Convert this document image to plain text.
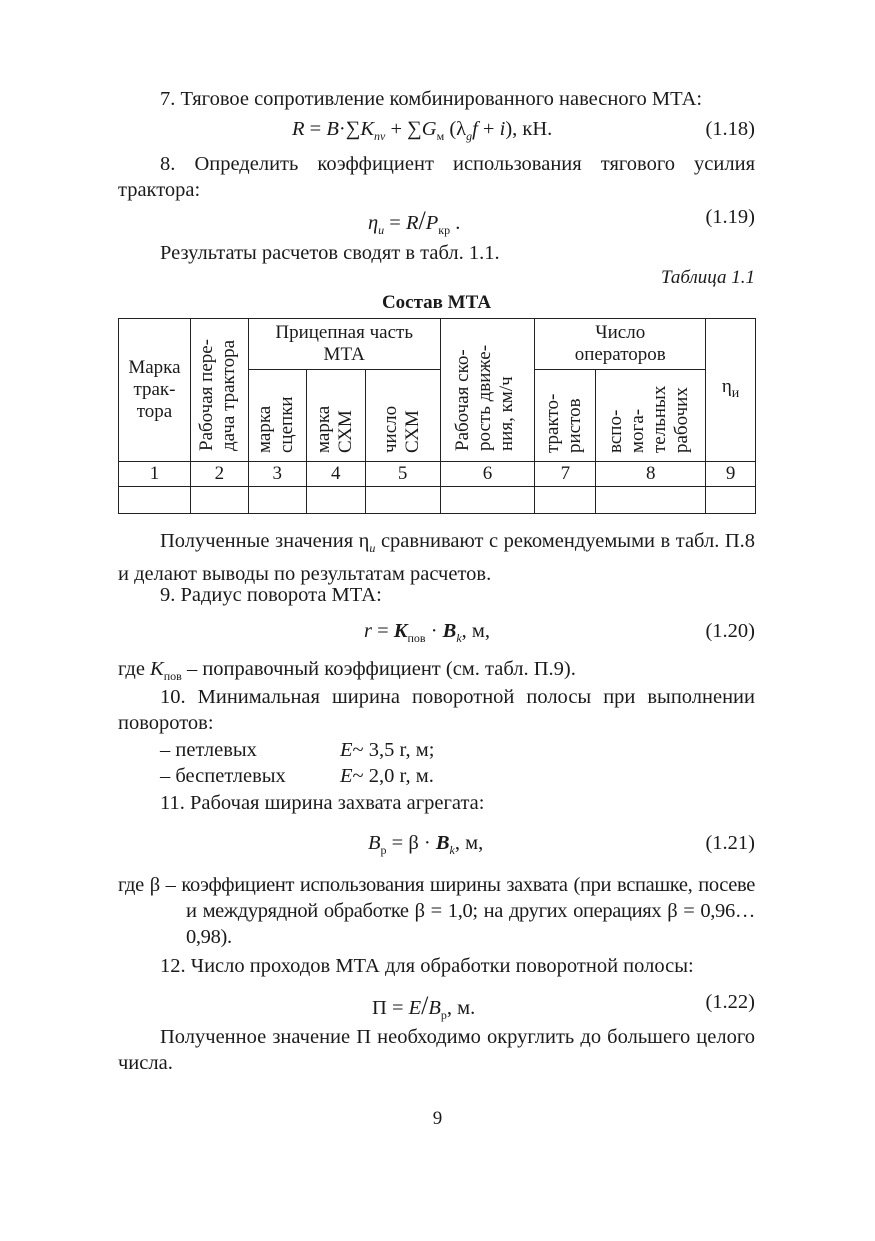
7. Тяговое сопротивление комбинированного навесного МТА:
$R = B\cdot\sum K_{nv} + \sum G_м$ $(\lambda_gf + i)$, кН.	(1.18)
8. Определить коэффициент использования тягового усилия трактора:
$\eta_и = R/P_{кр}$ .	(1.19)
Результаты расчетов сводят в табл. 1.1.
Таблица 1.1
Состав МТА
Марка трак-тора	Рабочая пере-дача трактора	Прицепная часть МТА			Рабочая ско-рость движе-ния, км/ч	Число операторов		$\eta_и$
		марка сцепки	марка СХМ	число СХМ		тракто-ристов	вспо-мога-тельных рабочих	
1	2	3	4	5	6	7	8	9

Полученные значения $\eta_и$ сравнивают с рекомендуемыми в табл. П.8 и делают выводы по результатам расчетов.
9. Радиус поворота МТА:
$r = K_{пов} \cdot B_k$, м,	(1.20)
где $K_{пов}$ – поправочный коэффициент (см. табл. П.9).
10. Минимальная ширина поворотной полосы при выполнении поворотов:
– петлевых	E~ 3,5 r, м;
– беспетлевых	E~ 2,0 r, м.
11. Рабочая ширина захвата агрегата:
$B_р = \beta \cdot B_k$, м,	(1.21)
где β – коэффициент использования ширины захвата (при вспашке, посеве и междурядной обработке β = 1,0; на других операциях β = 0,96…0,98).
12. Число проходов МТА для обработки поворотной полосы:
$П = E/B_р$, м.	(1.22)
Полученное значение П необходимо округлить до большего целого числа.
9
